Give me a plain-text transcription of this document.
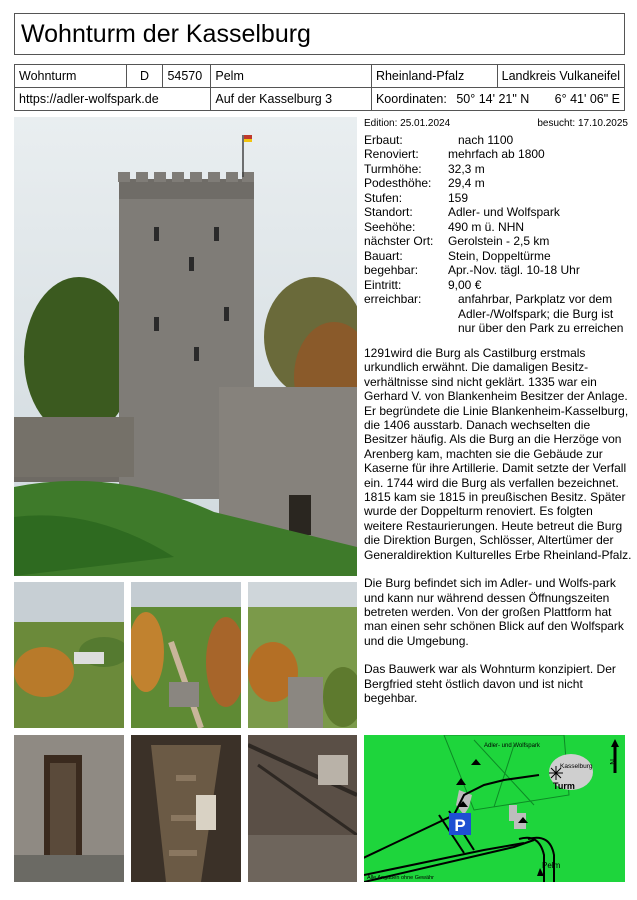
Wohnturm der Kasselburg
Wohnturm	D	54570	Pelm	Rheinland-Pfalz	Landkreis Vulkaneifel
https://adler-wolfspark.de			Auf der Kasselburg 3	Koordinaten: 50° 14' 21" N 6° 41' 06" E	
Edition: 25.01.2024	besucht: 17.10.2025
Erbaut:	nach 1100
Renoviert:	mehrfach ab 1800
Turmhöhe:	32,3 m
Podesthöhe:	29,4 m
Stufen:	159
Standort:	Adler- und Wolfspark
Seehöhe:	490 m ü. NHN
nächster Ort:	Gerolstein - 2,5 km
Bauart:	Stein, Doppeltürme
begehbar:	Apr.-Nov. tägl. 10-18 Uhr
Eintritt:	9,00 €
erreichbar:	anfahrbar, Parkplatz vor dem Adler-/Wolfspark; die Burg ist nur über den Park zu erreichen

1291wird die Burg als Castilburg erstmals urkundlich erwähnt. Die damaligen Besitz-verhältnisse sind nicht geklärt. 1335 war ein Gerhard V. von Blankenheim Besitzer der Anlage. Er begründete die Linie Blankenheim-Kasselburg, die 1406 ausstarb. Danach wechselten die Besitzer häufig. Als die Burg an die Herzöge von Arenberg kam, machten sie die Gebäude zur Kaserne für ihre Artillerie. Damit setzte der Verfall ein. 1744 wird die Burg als verfallen bezeichnet. 1815 kam sie 1815 in preußischen Besitz. Später wurde der Doppelturm renoviert. Es folgten weitere Restaurierungen. Heute betreut die Burg die Direktion Burgen, Schlösser, Altertümer der Generaldirektion Kulturelles Erbe Rheinland-Pfalz.

Die Burg befindet sich im Adler- und Wolfs-park und kann nur während dessen Öffnungszeiten betreten werden. Von der großen Plattform hat man einen sehr schönen Blick auf den Wolfspark und die Umgebung.

Das Bauwerk war als Wohnturm konzipiert. Der Bergfried steht östlich davon und ist nicht begehbar.

P
Adler- und Wolfspark
Kasselburg
Turm
Pelm
N
Alle Angaben ohne Gewähr
